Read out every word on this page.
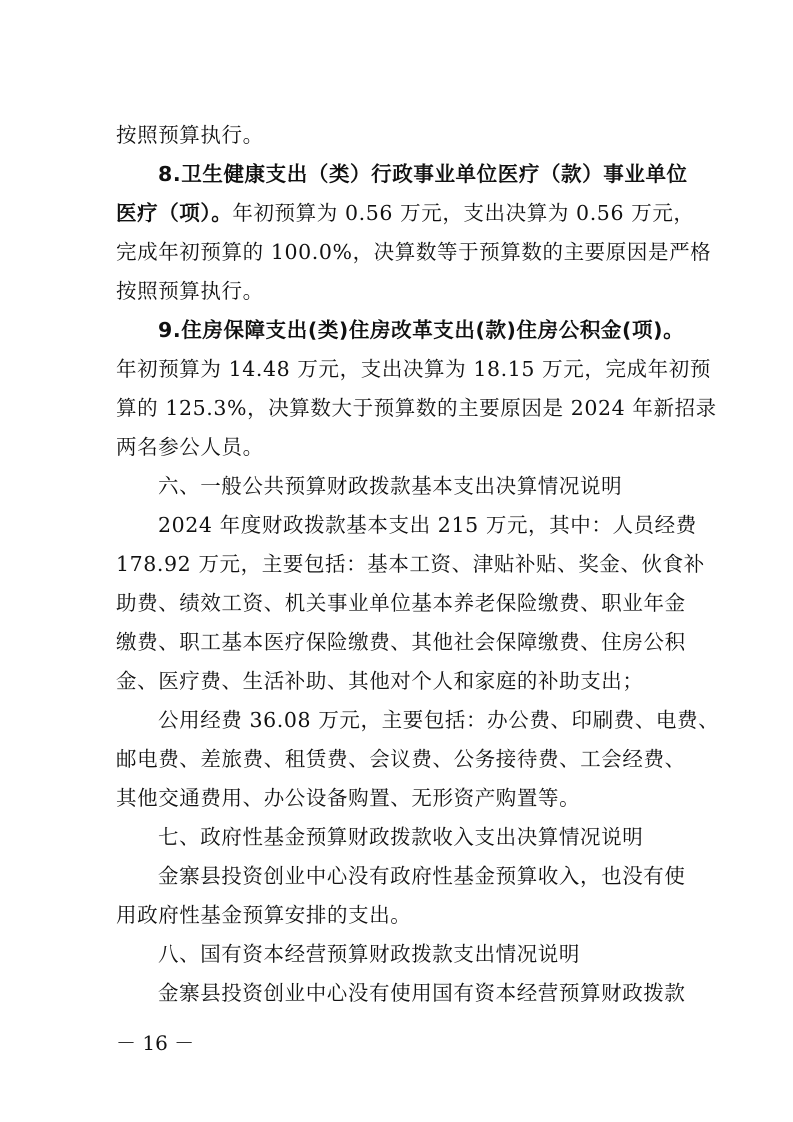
按照预算执行。
8.卫生健康支出（类）行政事业单位医疗（款）事业单位
医疗（项）。年初预算为 0.56 万元，支出决算为 0.56 万元，
完成年初预算的 100.0%，决算数等于预算数的主要原因是严格
按照预算执行。
9.住房保障支出(类)住房改革支出(款)住房公积金(项)。
年初预算为 14.48 万元，支出决算为 18.15 万元，完成年初预
算的 125.3%，决算数大于预算数的主要原因是 2024 年新招录
两名参公人员。
六、一般公共预算财政拨款基本支出决算情况说明
2024 年度财政拨款基本支出 215 万元，其中：人员经费
178.92 万元，主要包括：基本工资、津贴补贴、奖金、伙食补
助费、绩效工资、机关事业单位基本养老保险缴费、职业年金
缴费、职工基本医疗保险缴费、其他社会保障缴费、住房公积
金、医疗费、生活补助、其他对个人和家庭的补助支出；
公用经费 36.08 万元，主要包括：办公费、印刷费、电费、
邮电费、差旅费、租赁费、会议费、公务接待费、工会经费、
其他交通费用、办公设备购置、无形资产购置等。
七、政府性基金预算财政拨款收入支出决算情况说明
金寨县投资创业中心没有政府性基金预算收入，也没有使
用政府性基金预算安排的支出。
八、国有资本经营预算财政拨款支出情况说明
金寨县投资创业中心没有使用国有资本经营预算财政拨款
－ 16 －
